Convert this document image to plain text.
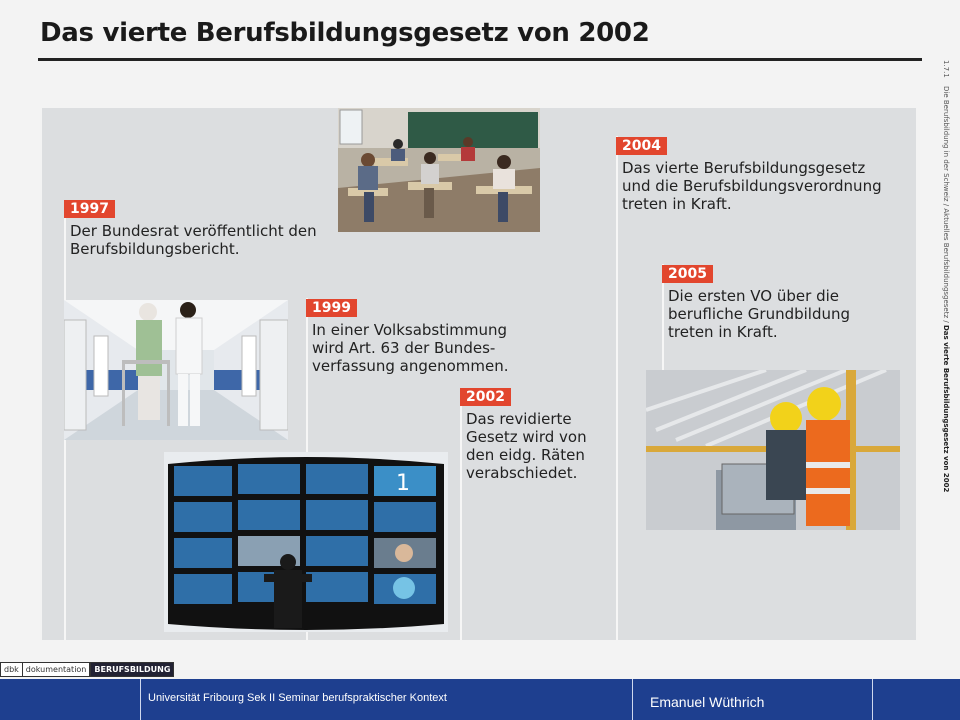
Das vierte Berufsbildungsgesetz von 2002
1.7.1
Die Berufsbildung in der Schweiz / Aktuelles Berufsbildungsgesetz / Das vierte Berufsbildungsgesetz von 2002
1997
Der Bundesrat veröffentlicht den
Berufsbildungsbericht.
1999
In einer Volksabstimmung
wird Art. 63 der Bundes-
verfassung angenommen.
2002
Das revidierte
Gesetz wird von
den eidg. Räten
verabschiedet.
2004
Das vierte Berufsbildungsgesetz
und die Berufsbildungsverordnung
treten in Kraft.
2005
Die ersten VO über die
berufliche Grundbildung
treten in Kraft.
1
dbk dokumentation	BERUFSBILDUNG
Universität Fribourg Sek II Seminar berufspraktischer Kontext	Emanuel Wüthrich
